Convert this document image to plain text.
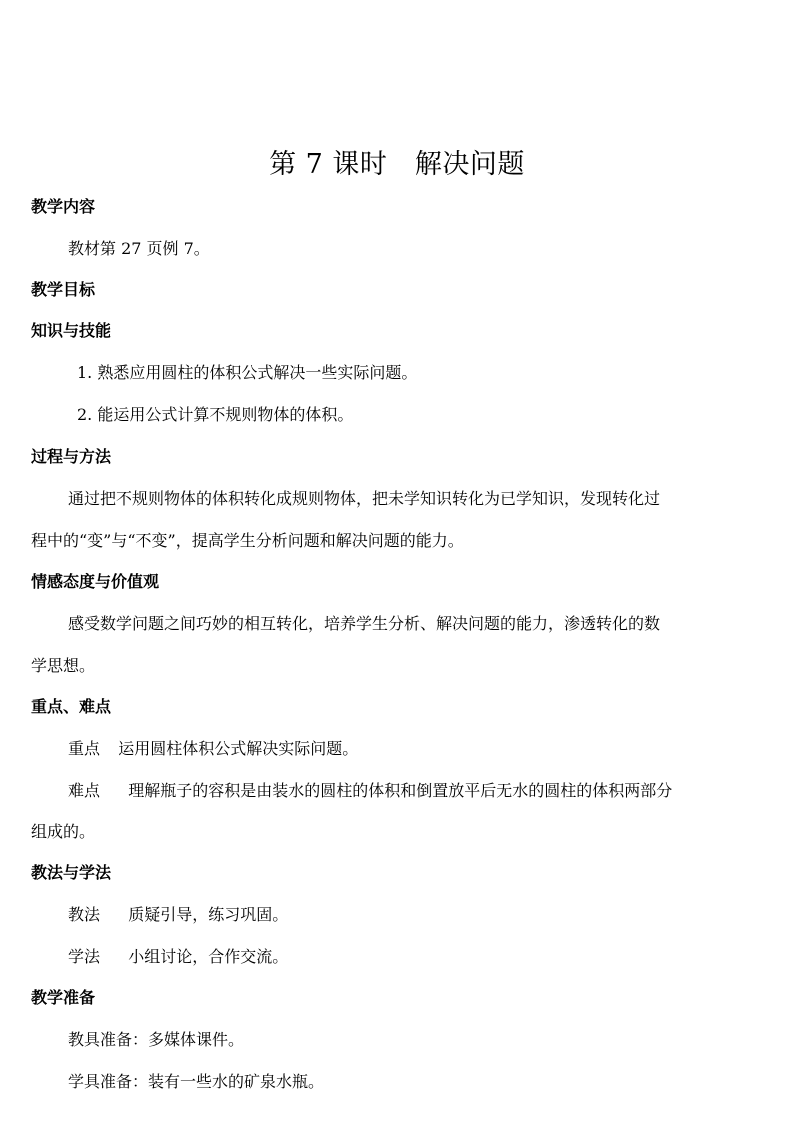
第 7 课时　解决问题
教学内容
教材第 27 页例 7。
教学目标
知识与技能
1. 熟悉应用圆柱的体积公式解决一些实际问题。
2. 能运用公式计算不规则物体的体积。
过程与方法
通过把不规则物体的体积转化成规则物体，把未学知识转化为已学知识，发现转化过
程中的“变”与“不变”，提高学生分析问题和解决问题的能力。
情感态度与价值观
感受数学问题之间巧妙的相互转化，培养学生分析、解决问题的能力，渗透转化的数
学思想。
重点、难点
重点 运用圆柱体积公式解决实际问题。
难点 理解瓶子的容积是由装水的圆柱的体积和倒置放平后无水的圆柱的体积两部分
组成的。
教法与学法
教法 质疑引导，练习巩固。
学法 小组讨论，合作交流。
教学准备
教具准备：多媒体课件。
学具准备：装有一些水的矿泉水瓶。
